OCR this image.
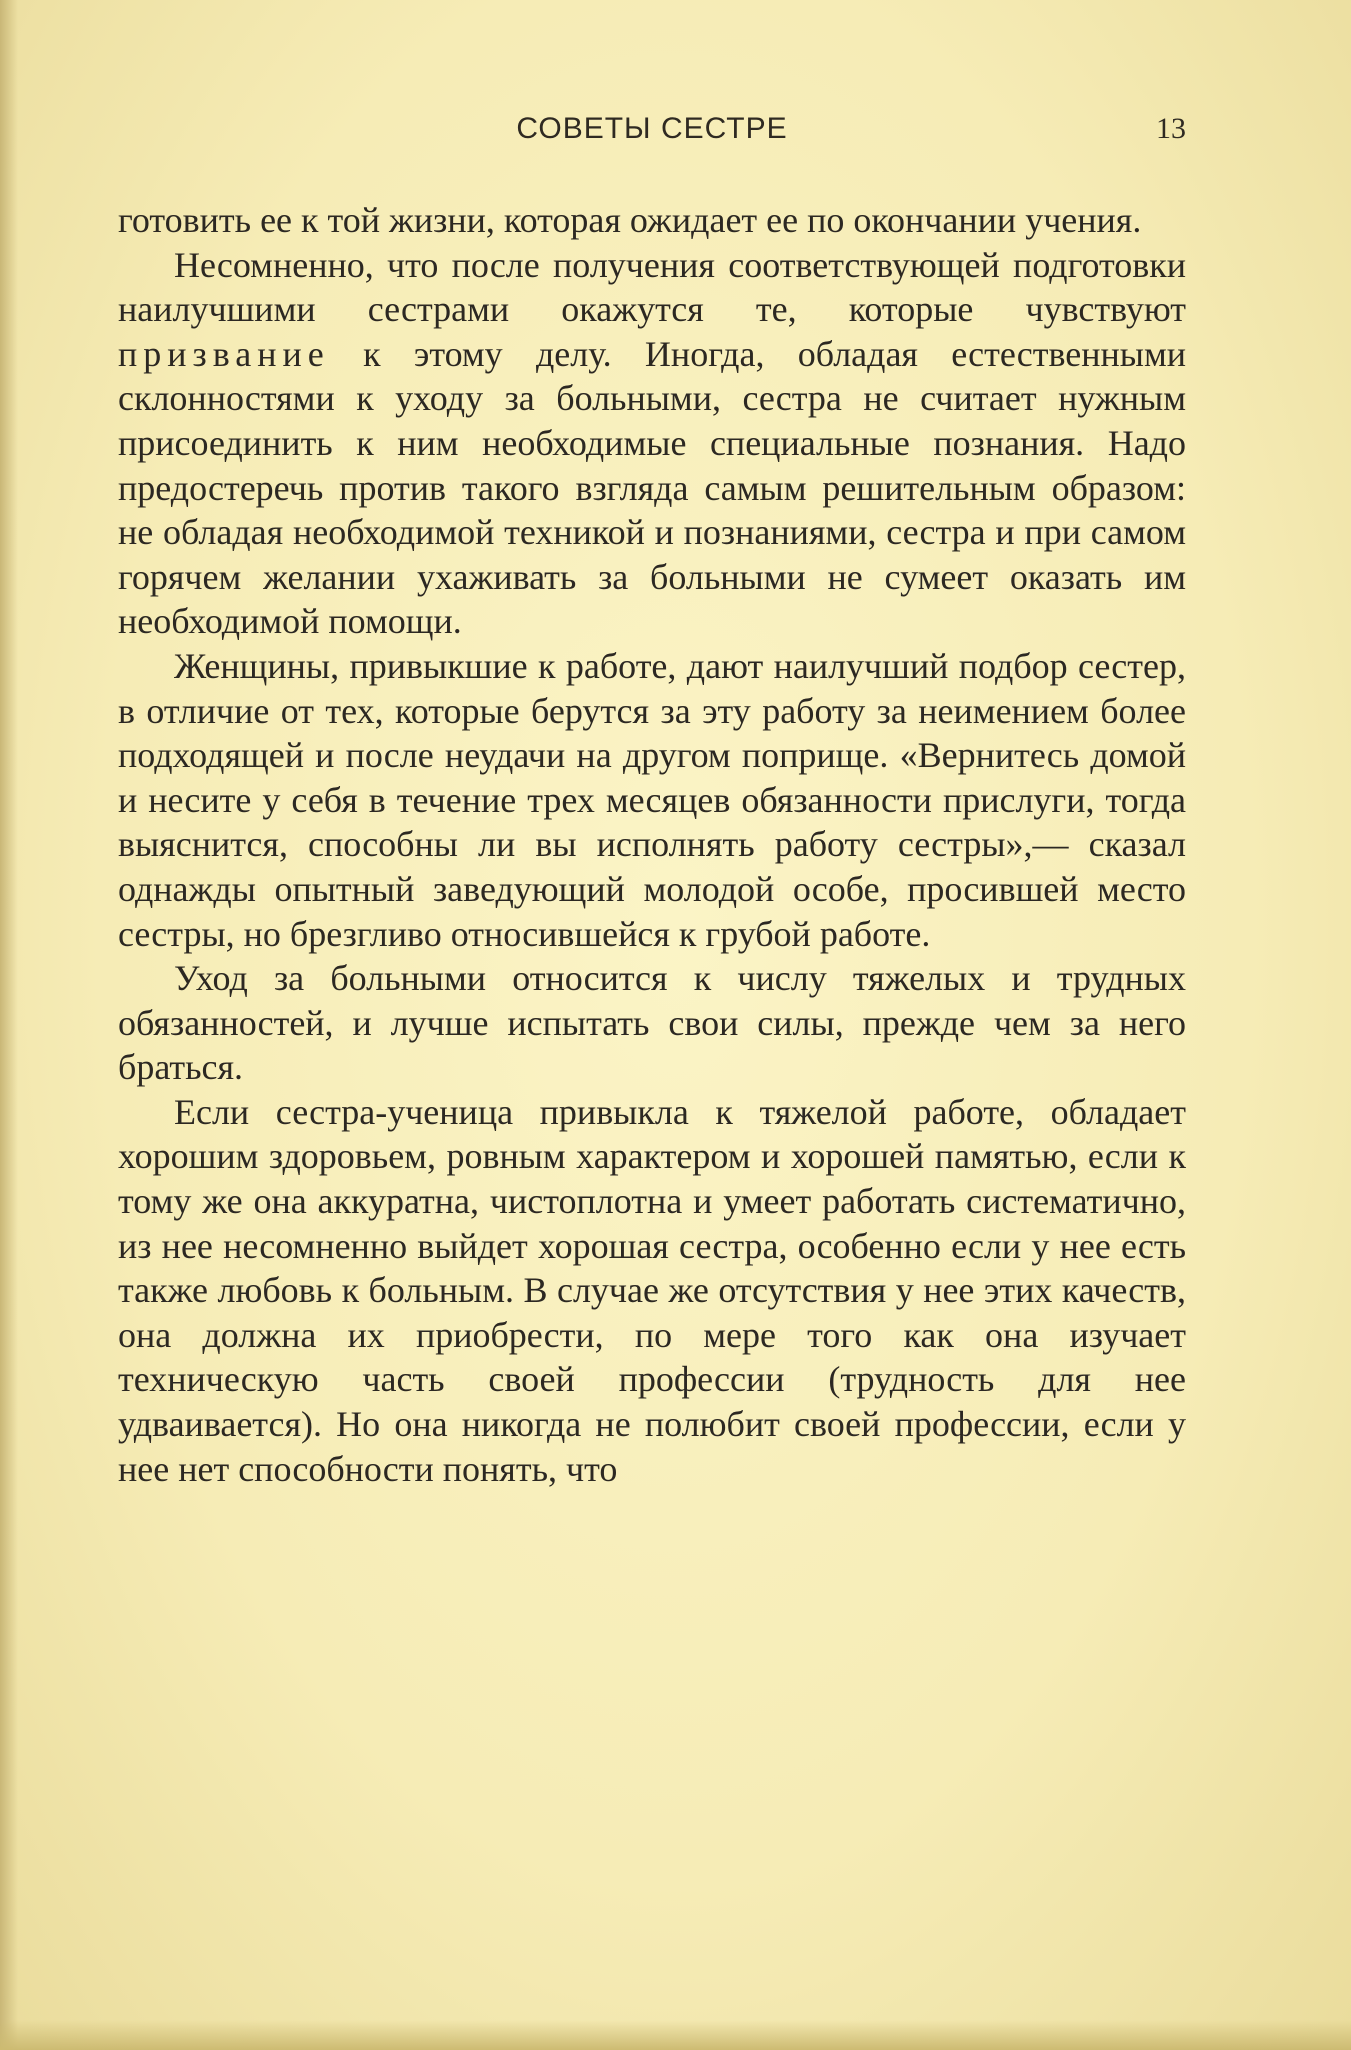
СОВЕТЫ СЕСТРЕ	13

готовить ее к той жизни, которая ожидает ее по окончании учения.

Несомненно, что после получения соответствующей подготовки наилучшими сестрами окажутся те, которые чувствуют призвание к этому делу. Иногда, обладая естественными склонностями к уходу за больными, сестра не считает нужным присоединить к ним необходимые специальные познания. Надо предостеречь против такого взгляда самым решительным образом: не обладая необходимой техникой и познаниями, сестра и при самом горячем желании ухаживать за больными не сумеет оказать им необходимой помощи.

Женщины, привыкшие к работе, дают наилучший подбор сестер, в отличие от тех, которые берутся за эту работу за неимением более подходящей и после неудачи на другом поприще. «Вернитесь домой и несите у себя в течение трех месяцев обязанности прислуги, тогда выяснится, способны ли вы исполнять работу сестры»,— сказал однажды опытный заведующий молодой особе, просившей место сестры, но брезгливо относившейся к грубой работе.

Уход за больными относится к числу тяжелых и трудных обязанностей, и лучше испытать свои силы, прежде чем за него браться.

Если сестра-ученица привыкла к тяжелой работе, обладает хорошим здоровьем, ровным характером и хорошей памятью, если к тому же она аккуратна, чистоплотна и умеет работать систематично, из нее несомненно выйдет хорошая сестра, особенно если у нее есть также любовь к больным. В случае же отсутствия у нее этих качеств, она должна их приобрести, по мере того как она изучает техническую часть своей профессии (трудность для нее удваивается). Но она никогда не полюбит своей профессии, если у нее нет способности понять, что
